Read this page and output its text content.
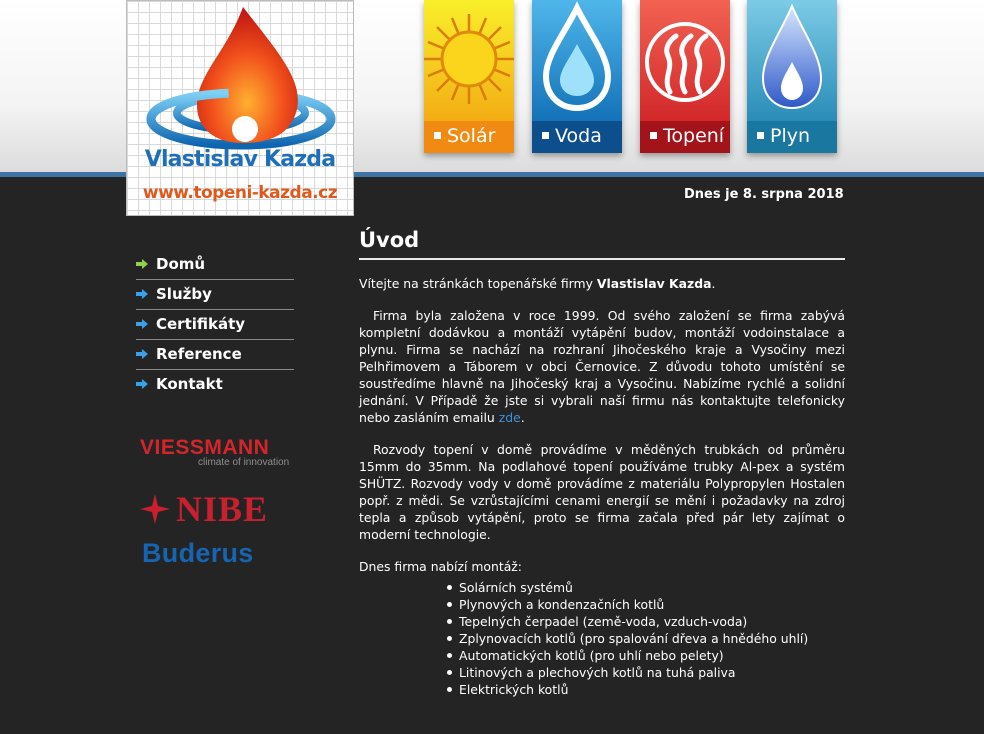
Vlastislav Kazda
www.topeni-kazda.cz
Solár	Voda	Topení	Plyn
Dnes je 8. srpna 2018
Domů
Služby
Certifikáty
Reference
Kontakt
VIESSMANN
climate of innovation
NIBE
Buderus
Úvod

Vítejte na stránkách topenářské firmy Vlastislav Kazda.

Firma byla založena v roce 1999. Od svého založení se firma zabývá kompletní dodávkou a montáží vytápění budov, montáží vodoinstalace a plynu. Firma se nachází na rozhraní Jihočeského kraje a Vysočiny mezi Pelhřimovem a Táborem v obci Černovice. Z důvodu tohoto umístění se soustředíme hlavně na Jihočeský kraj a Vysočinu. Nabízíme rychlé a solidní jednání. V Případě že jste si vybrali naší firmu nás kontaktujte telefonicky nebo zasláním emailu zde.

Rozvody topení v domě provádíme v měděných trubkách od průměru 15mm do 35mm. Na podlahové topení používáme trubky Al-pex a systém SHÜTZ. Rozvody vody v domě provádíme z materiálu Polypropylen Hostalen popř. z mědi. Se vzrůstajícími cenami energií se mění i požadavky na zdroj tepla a způsob vytápění, proto se firma začala před pár lety zajímat o moderní technologie.

Dnes firma nabízí montáž:

Solárních systémů
Plynových a kondenzačních kotlů
Tepelných čerpadel (země-voda, vzduch-voda)
Zplynovacích kotlů (pro spalování dřeva a hnědého uhlí)
Automatických kotlů (pro uhlí nebo pelety)
Litinových a plechových kotlů na tuhá paliva
Elektrických kotlů
